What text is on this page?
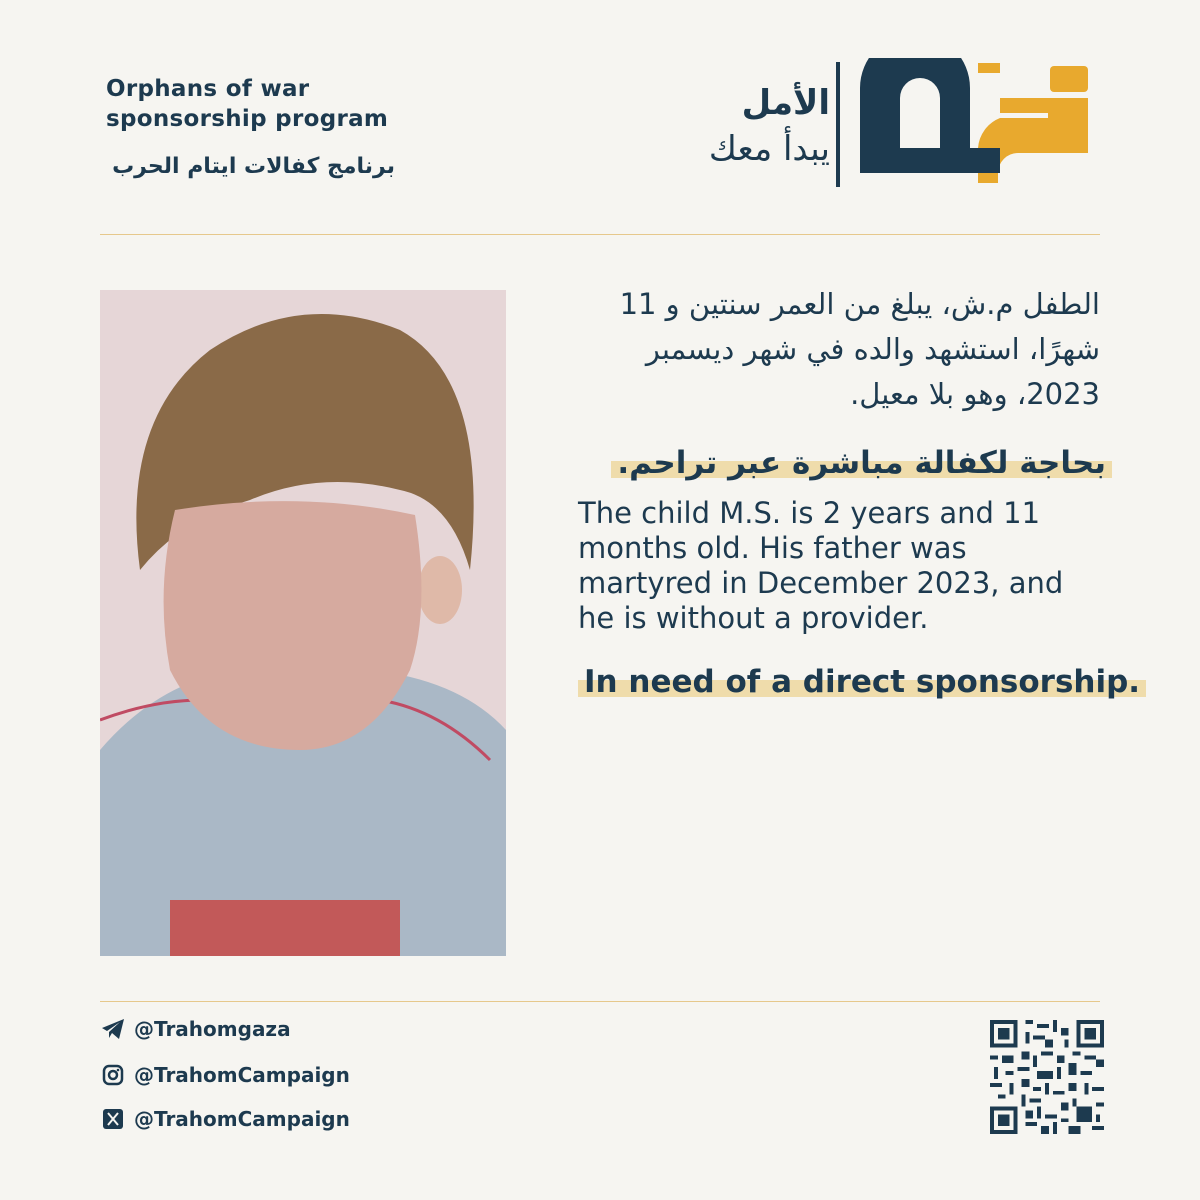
Orphans of war
sponsorship program
برنامج كفالات ايتام الحرب
الأمل
يبدأ معك
تراحم
الطفل م.ش، يبلغ من العمر سنتين و 11 شهرًا، استشهد والده في شهر ديسمبر 2023، وهو بلا معيل.
بحاجة لكفالة مباشرة عبر تراحم.
The child M.S. is 2 years and 11 months old. His father was martyred in December 2023, and he is without a provider.
In need of a direct sponsorship.
@Trahomgaza
@TrahomCampaign
@TrahomCampaign
